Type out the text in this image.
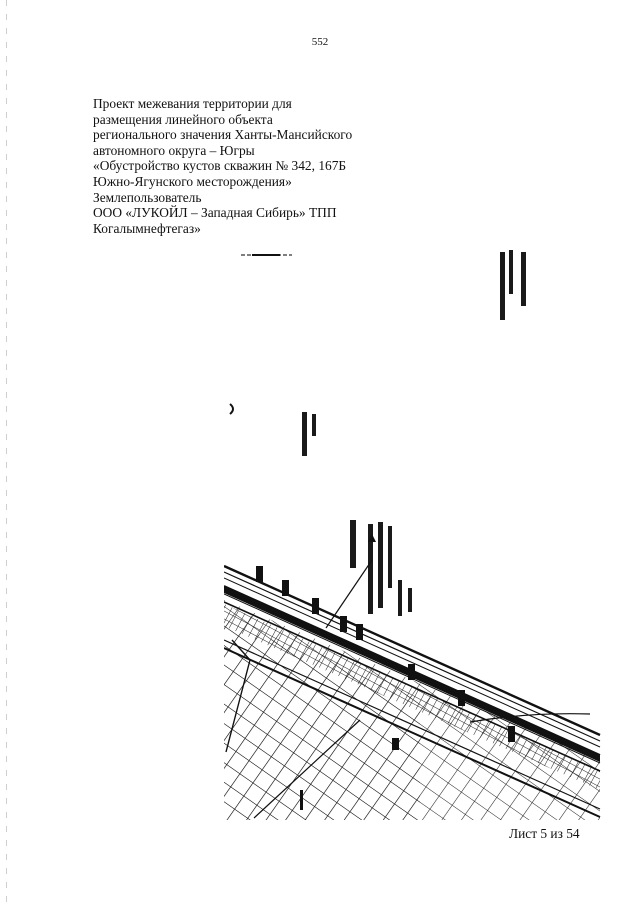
552
Проект межевания территории для
размещения линейного объекта
регионального значения Ханты-Мансийского
автономного округа – Югры
«Обустройство кустов скважин № 342, 167Б
Южно-Ягунского месторождения»
Землепользователь
ООО «ЛУКОЙЛ – Западная Сибирь» ТПП
Когалымнефтегаз»
Лист 5 из 54
